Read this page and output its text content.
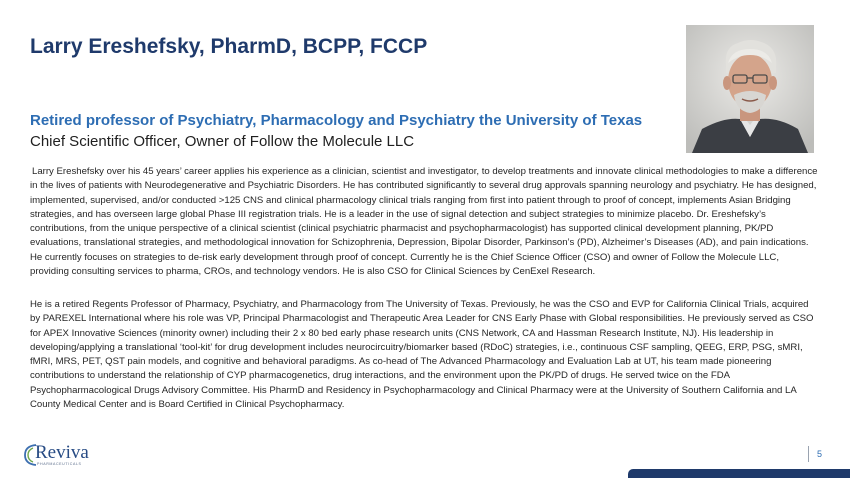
Larry Ereshefsky, PharmD, BCPP, FCCP
Retired professor of Psychiatry, Pharmacology and Psychiatry the University of Texas

Chief Scientific Officer, Owner of Follow the Molecule LLC

Larry Ereshefsky over his 45 years’ career applies his experience as a clinician, scientist and investigator, to develop treatments and innovate clinical methodologies to make a difference in the lives of patients with Neurodegenerative and Psychiatric Disorders. He has contributed significantly to several drug approvals spanning neurology and psychiatry. He has designed, implemented, supervised, and/or conducted >125 CNS and clinical pharmacology clinical trials ranging from first into patient through to proof of concept, implements Asian Bridging strategies, and has overseen large global Phase III registration trials. He is a leader in the use of signal detection and subject strategies to minimize placebo. Dr. Ereshefsky’s contributions, from the unique perspective of a clinical scientist (clinical psychiatric pharmacist and psychopharmacologist) has supported clinical development planning, PK/PD evaluations, translational strategies, and methodological innovation for Schizophrenia, Depression, Bipolar Disorder, Parkinson’s (PD), Alzheimer’s Diseases (AD), and pain indications. He currently focuses on strategies to de-risk early development through proof of concept. Currently he is the Chief Science Officer (CSO) and owner of Follow the Molecule LLC, providing consulting services to pharma, CROs, and technology vendors. He is also CSO for Clinical Sciences by CenExel Research.

He is a retired Regents Professor of Pharmacy, Psychiatry, and Pharmacology from The University of Texas. Previously, he was the CSO and EVP for California Clinical Trials, acquired by PAREXEL International where his role was VP, Principal Pharmacologist and Therapeutic Area Leader for CNS Early Phase with Global responsibilities. He previously served as CSO for APEX Innovative Sciences (minority owner) including their 2 x 80 bed early phase research units (CNS Network, CA and Hassman Research Institute, NJ). His leadership in developing/applying a translational ‘tool-kit’ for drug development includes neurocircuitry/biomarker based (RDoC) strategies, i.e., continuous CSF sampling, QEEG, ERP, PSG, sMRI, fMRI, MRS, PET, QST pain models, and cognitive and behavioral paradigms. As co-head of The Advanced Pharmacology and Evaluation Lab at UT, his team made pioneering contributions to understand the relationship of CYP pharmacogenetics, drug interactions, and the environment upon the PK/PD of drugs. He served twice on the FDA Psychopharmacological Drugs Advisory Committee. His PharmD and Residency in Psychopharmacology and Clinical Pharmacy were at the University of Southern California and LA County Medical Center and is Board Certified in Clinical Psychopharmacy.

Reviva
PHARMACEUTICALS
5
